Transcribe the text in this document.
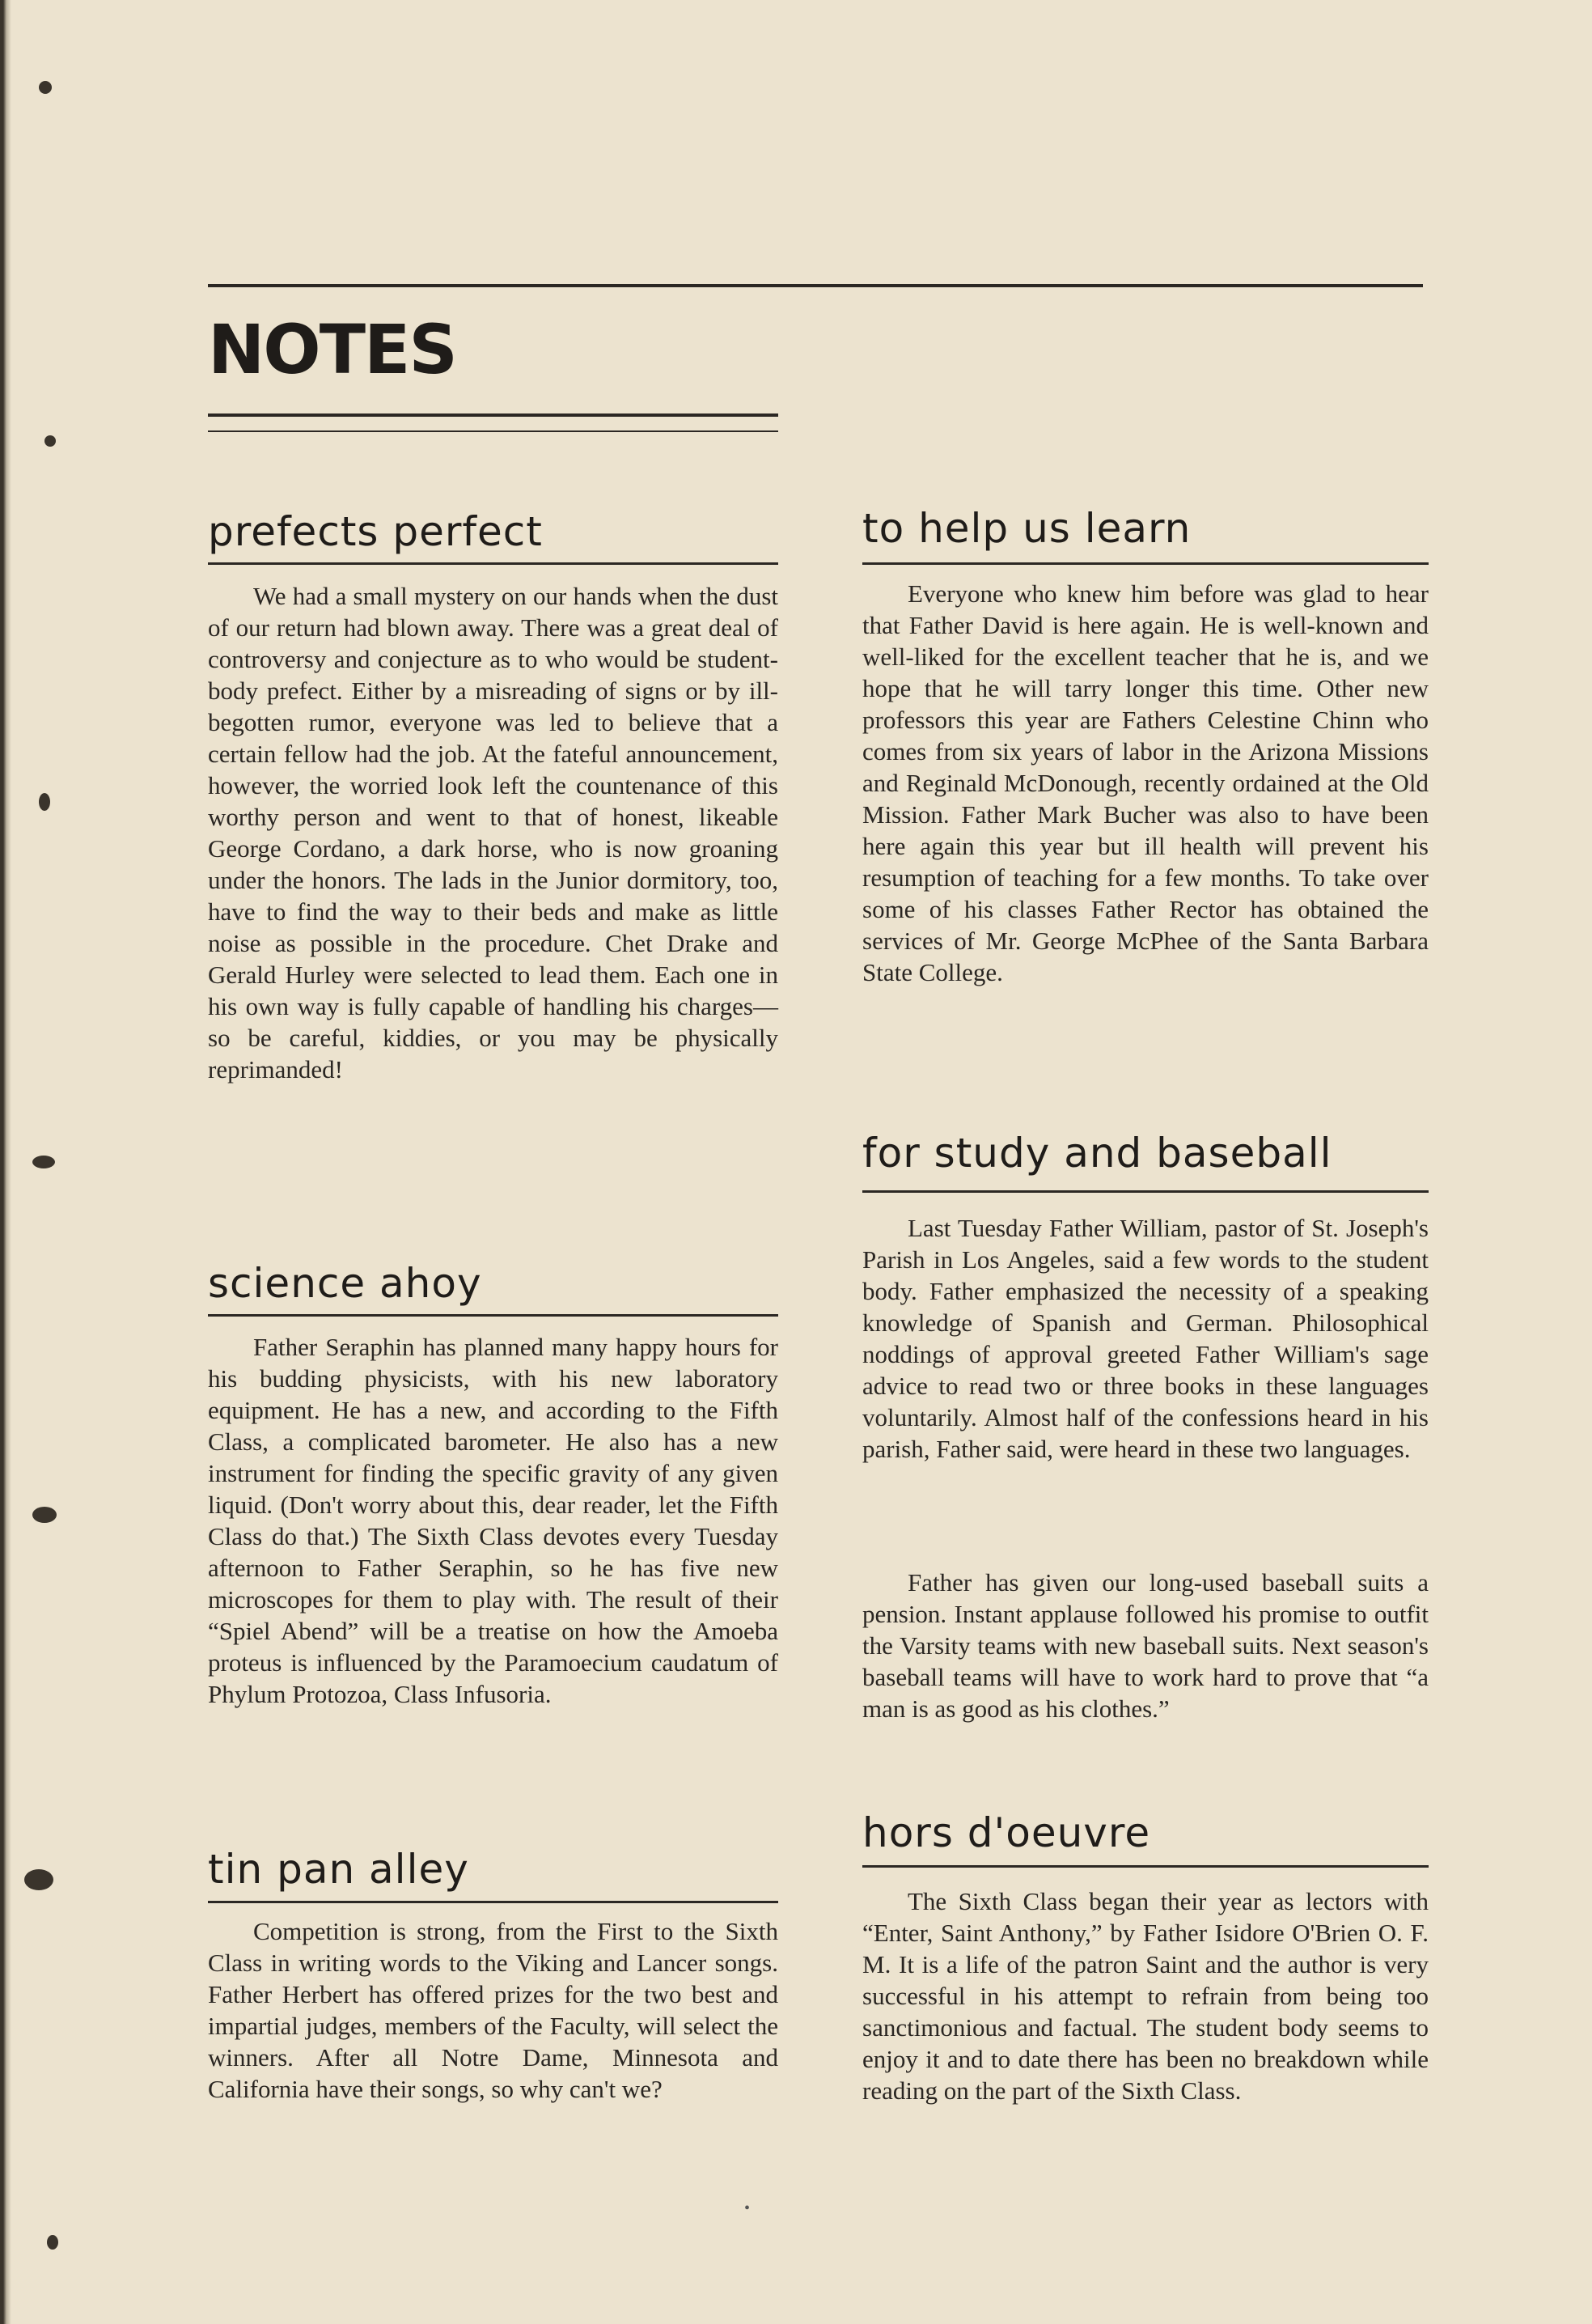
NOTES
prefects perfect

We had a small mystery on our hands when the dust of our return had blown away. There was a great deal of controversy and conjecture as to who would be student-body prefect. Either by a misreading of signs or by ill-begotten rumor, everyone was led to believe that a certain fellow had the job. At the fateful announcement, however, the worried look left the countenance of this worthy person and went to that of honest, likeable George Cordano, a dark horse, who is now groaning under the honors. The lads in the Junior dormitory, too, have to find the way to their beds and make as little noise as possible in the procedure. Chet Drake and Gerald Hurley were selected to lead them. Each one in his own way is fully capable of handling his charges—so be careful, kiddies, or you may be physically reprimanded!

science ahoy

Father Seraphin has planned many happy hours for his budding physicists, with his new laboratory equipment. He has a new, and according to the Fifth Class, a complicated barometer. He also has a new instrument for finding the specific gravity of any given liquid. (Don't worry about this, dear reader, let the Fifth Class do that.) The Sixth Class devotes every Tuesday afternoon to Father Seraphin, so he has five new microscopes for them to play with. The result of their “Spiel Abend” will be a treatise on how the Amoeba proteus is influenced by the Paramoecium caudatum of Phylum Protozoa, Class Infusoria.

tin pan alley

Competition is strong, from the First to the Sixth Class in writing words to the Viking and Lancer songs. Father Herbert has offered prizes for the two best and impartial judges, members of the Faculty, will select the winners. After all Notre Dame, Minnesota and California have their songs, so why can't we?

to help us learn

Everyone who knew him before was glad to hear that Father David is here again. He is well-known and well-liked for the excellent teacher that he is, and we hope that he will tarry longer this time. Other new professors this year are Fathers Celestine Chinn who comes from six years of labor in the Arizona Missions and Reginald McDonough, recently ordained at the Old Mission. Father Mark Bucher was also to have been here again this year but ill health will prevent his resumption of teaching for a few months. To take over some of his classes Father Rector has obtained the services of Mr. George McPhee of the Santa Barbara State College.

for study and baseball

Last Tuesday Father William, pastor of St. Joseph's Parish in Los Angeles, said a few words to the student body. Father emphasized the necessity of a speaking knowledge of Spanish and German. Philosophical noddings of approval greeted Father William's sage advice to read two or three books in these languages voluntarily. Almost half of the confessions heard in his parish, Father said, were heard in these two languages.

Father has given our long-used baseball suits a pension. Instant applause followed his promise to outfit the Varsity teams with new baseball suits. Next season's baseball teams will have to work hard to prove that “a man is as good as his clothes.”

hors d'oeuvre

The Sixth Class began their year as lectors with “Enter, Saint Anthony,” by Father Isidore O'Brien O. F. M. It is a life of the patron Saint and the author is very successful in his attempt to refrain from being too sanctimonious and factual. The student body seems to enjoy it and to date there has been no breakdown while reading on the part of the Sixth Class.

•
